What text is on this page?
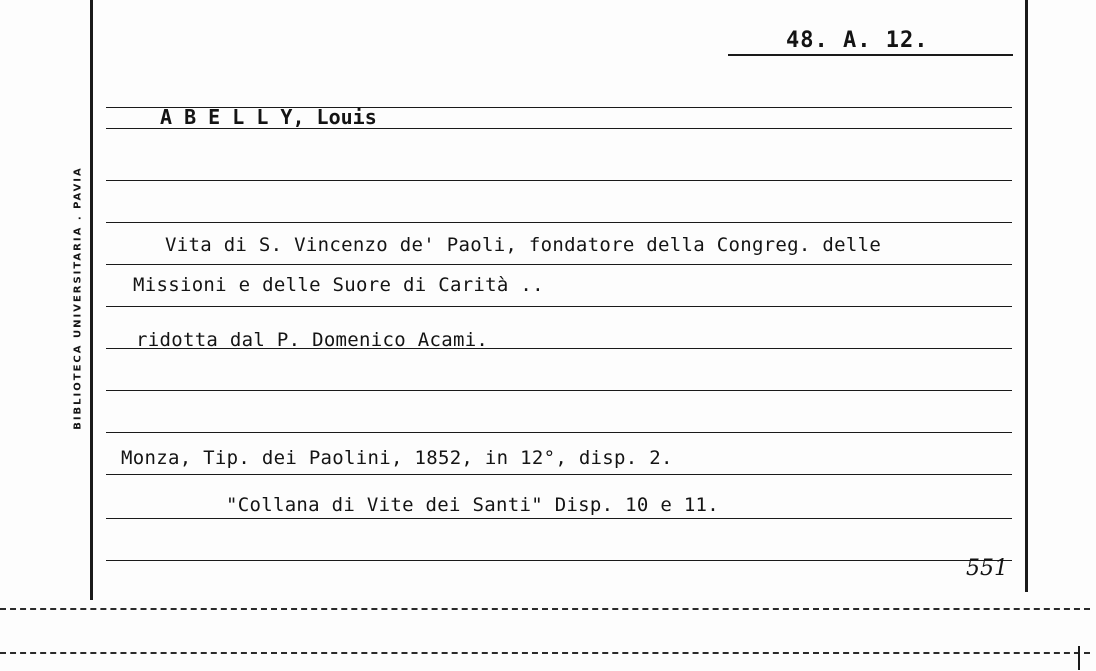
BIBLIOTECA UNIVERSITARIA . PAVIA
48. A. 12.
A B E L L Y, Louis
Vita di S. Vincenzo de' Paoli, fondatore della Congreg. delle
Missioni e delle Suore di Carità ..
ridotta dal P. Domenico Acami.
Monza, Tip. dei Paolini, 1852, in 12°, disp. 2.
"Collana di Vite dei Santi" Disp. 10 e 11.
551
